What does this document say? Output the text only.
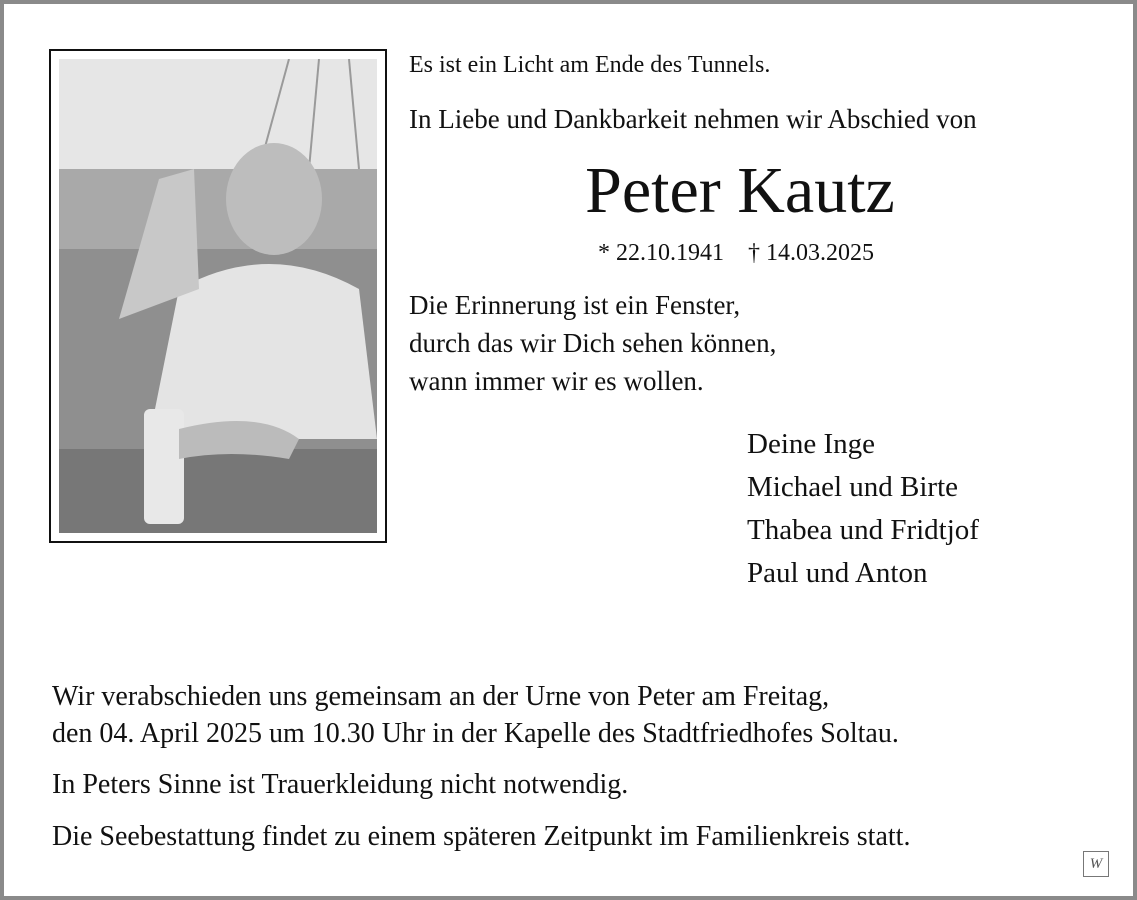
Es ist ein Licht am Ende des Tunnels.
In Liebe und Dankbarkeit nehmen wir Abschied von
Peter Kautz
* 22.10.1941 † 14.03.2025
Die Erinnerung ist ein Fenster,
durch das wir Dich sehen können,
wann immer wir es wollen.
Deine Inge
Michael und Birte
Thabea und Fridtjof
Paul und Anton
Wir verabschieden uns gemeinsam an der Urne von Peter am Freitag,
den 04. April 2025 um 10.30 Uhr in der Kapelle des Stadtfriedhofes Soltau.
In Peters Sinne ist Trauerkleidung nicht notwendig.
Die Seebestattung findet zu einem späteren Zeitpunkt im Familienkreis statt.
W
